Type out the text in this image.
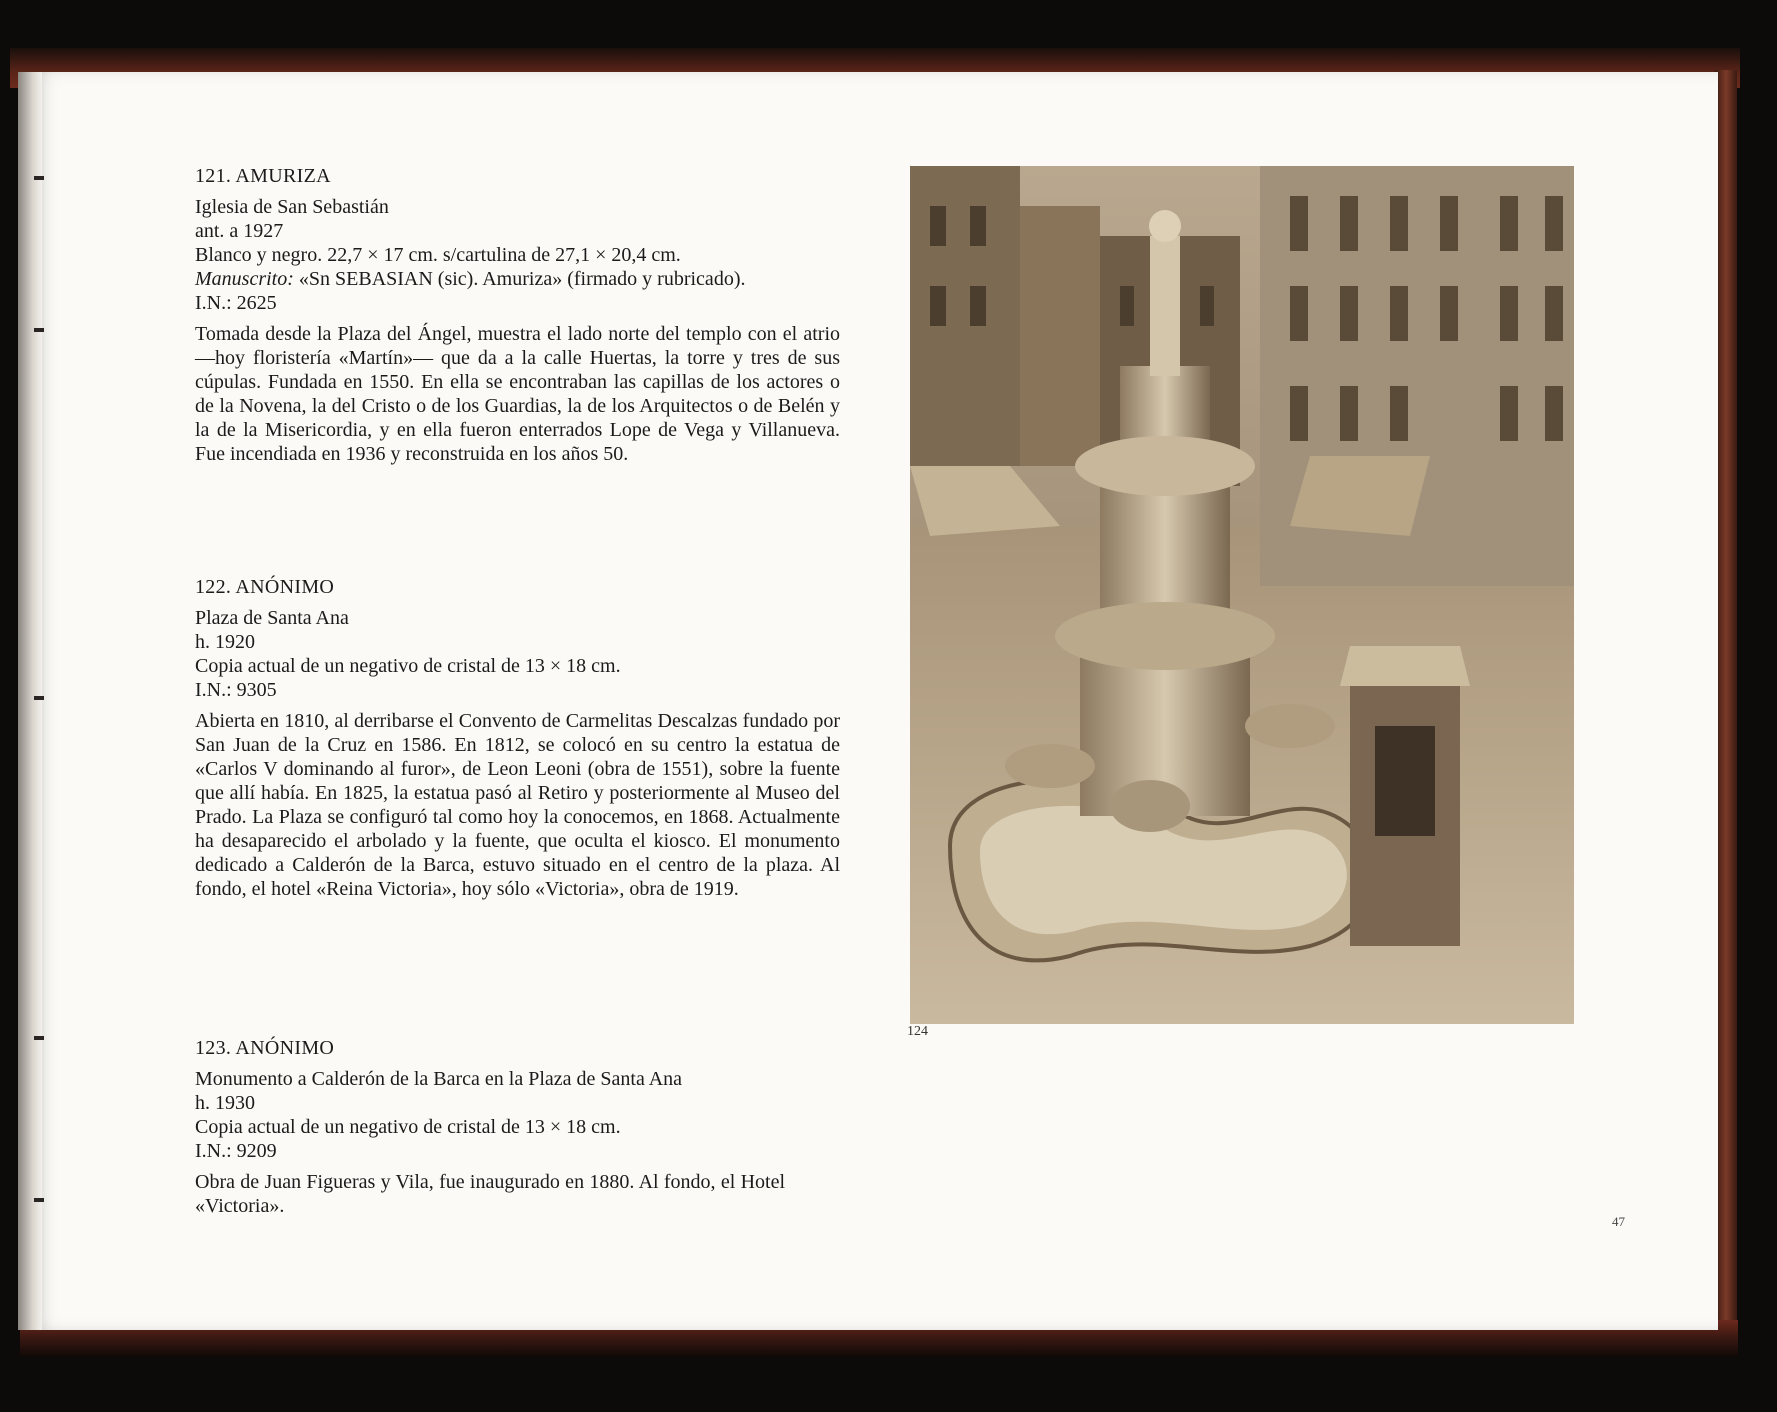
121. AMURIZA
Iglesia de San Sebastián
ant. a 1927
Blanco y negro. 22,7 × 17 cm. s/cartulina de 27,1 × 20,4 cm.
Manuscrito: «Sn SEBASIAN (sic). Amuriza» (firmado y rubricado).
I.N.: 2625
Tomada desde la Plaza del Ángel, muestra el lado norte del templo con el atrio —hoy floristería «Martín»— que da a la calle Huertas, la torre y tres de sus cúpulas. Fundada en 1550. En ella se encontraban las capillas de los actores o de la Novena, la del Cristo o de los Guardias, la de los Arquitectos o de Belén y la de la Misericordia, y en ella fueron enterrados Lope de Vega y Villanueva. Fue incendiada en 1936 y reconstruida en los años 50.
122. ANÓNIMO
Plaza de Santa Ana
h. 1920
Copia actual de un negativo de cristal de 13 × 18 cm.
I.N.: 9305
Abierta en 1810, al derribarse el Convento de Carmelitas Descalzas fundado por San Juan de la Cruz en 1586. En 1812, se colocó en su centro la estatua de «Carlos V dominando al furor», de Leon Leoni (obra de 1551), sobre la fuente que allí había. En 1825, la estatua pasó al Retiro y posteriormente al Museo del Prado. La Plaza se configuró tal como hoy la conocemos, en 1868. Actualmente ha desaparecido el arbolado y la fuente, que oculta el kiosco. El monumento dedicado a Calderón de la Barca, estuvo situado en el centro de la plaza. Al fondo, el hotel «Reina Victoria», hoy sólo «Victoria», obra de 1919.
123. ANÓNIMO
Monumento a Calderón de la Barca en la Plaza de Santa Ana
h. 1930
Copia actual de un negativo de cristal de 13 × 18 cm.
I.N.: 9209
Obra de Juan Figueras y Vila, fue inaugurado en 1880. Al fondo, el Hotel «Victoria».
124
47
